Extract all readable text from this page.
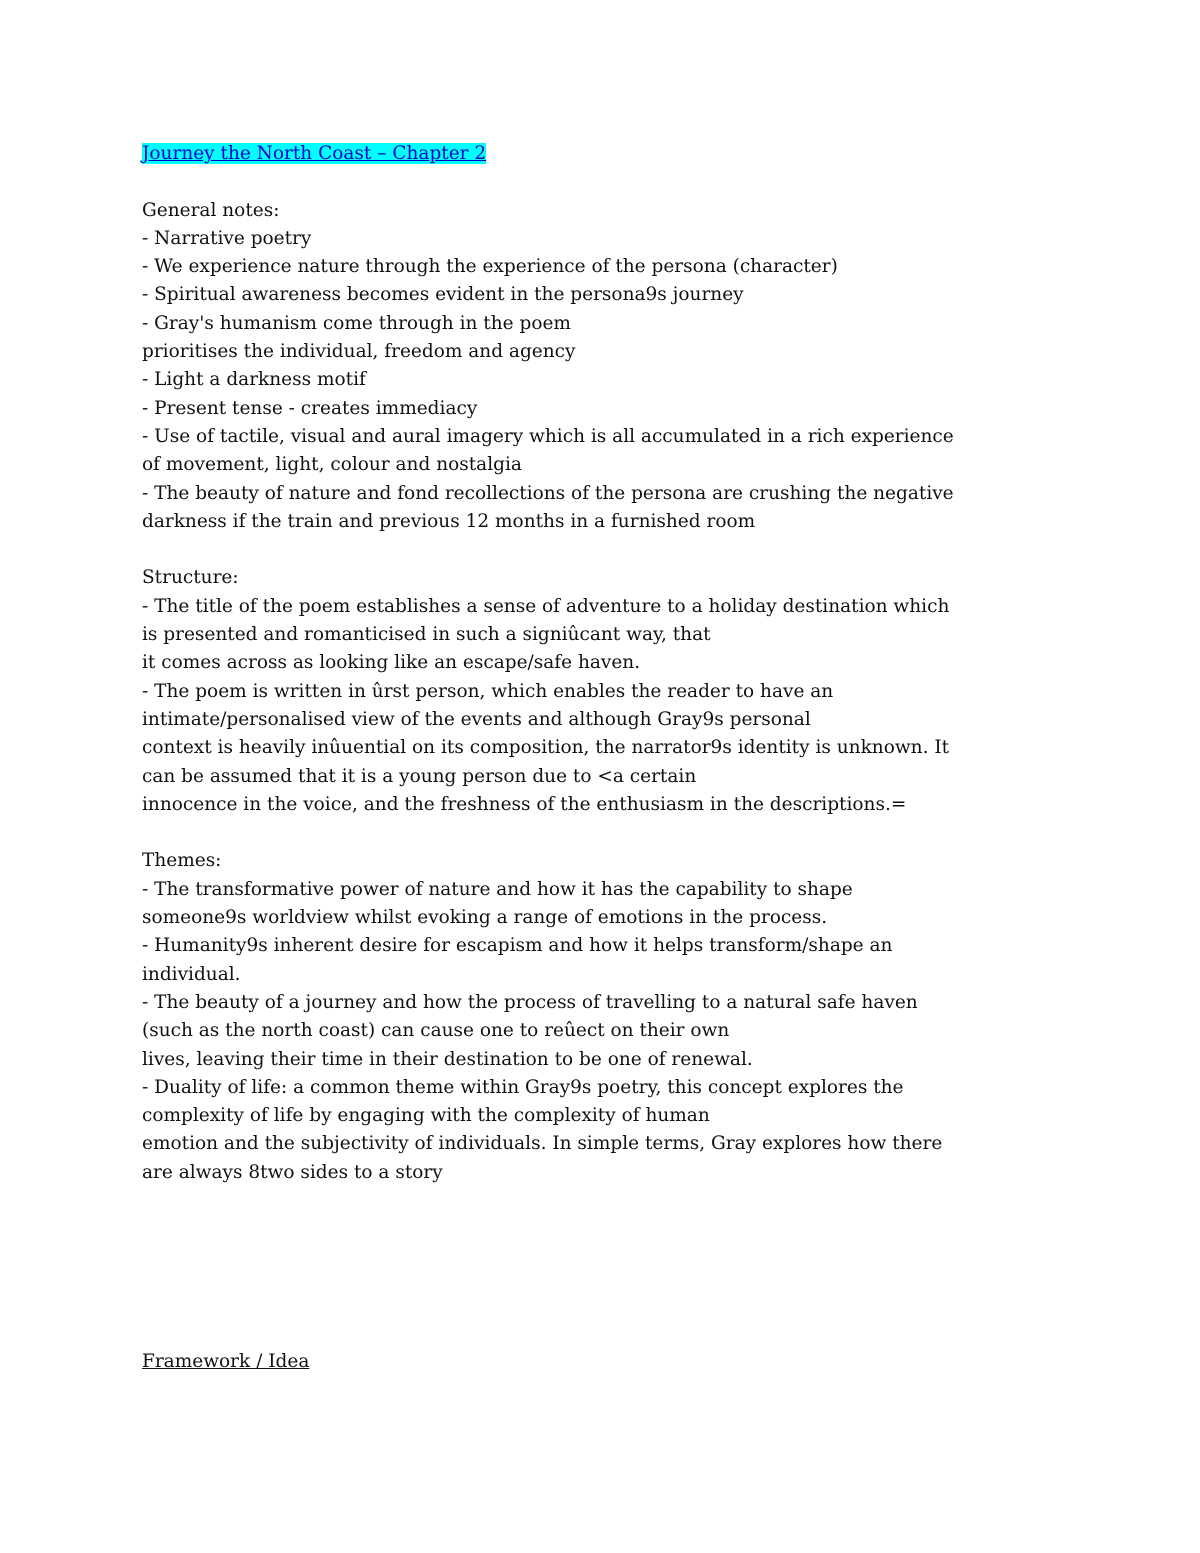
Journey the North Coast – Chapter 2
General notes:
- Narrative poetry
- We experience nature through the experience of the persona (character)
- Spiritual awareness becomes evident in the persona9s journey
- Gray's humanism come through in the poem
prioritises the individual, freedom and agency
- Light a darkness motif
- Present tense - creates immediacy
- Use of tactile, visual and aural imagery which is all accumulated in a rich experience
of movement, light, colour and nostalgia
- The beauty of nature and fond recollections of the persona are crushing the negative
darkness if the train and previous 12 months in a furnished room
Structure:
- The title of the poem establishes a sense of adventure to a holiday destination which
is presented and romanticised in such a signiûcant way, that
it comes across as looking like an escape/safe haven.
- The poem is written in ûrst person, which enables the reader to have an
intimate/personalised view of the events and although Gray9s personal
context is heavily inûuential on its composition, the narrator9s identity is unknown. It
can be assumed that it is a young person due to <a certain
innocence in the voice, and the freshness of the enthusiasm in the descriptions.=
Themes:
- The transformative power of nature and how it has the capability to shape
someone9s worldview whilst evoking a range of emotions in the process.
- Humanity9s inherent desire for escapism and how it helps transform/shape an
individual.
- The beauty of a journey and how the process of travelling to a natural safe haven
(such as the north coast) can cause one to reûect on their own
lives, leaving their time in their destination to be one of renewal.
- Duality of life: a common theme within Gray9s poetry, this concept explores the
complexity of life by engaging with the complexity of human
emotion and the subjectivity of individuals. In simple terms, Gray explores how there
are always 8two sides to a story
Framework / Idea
